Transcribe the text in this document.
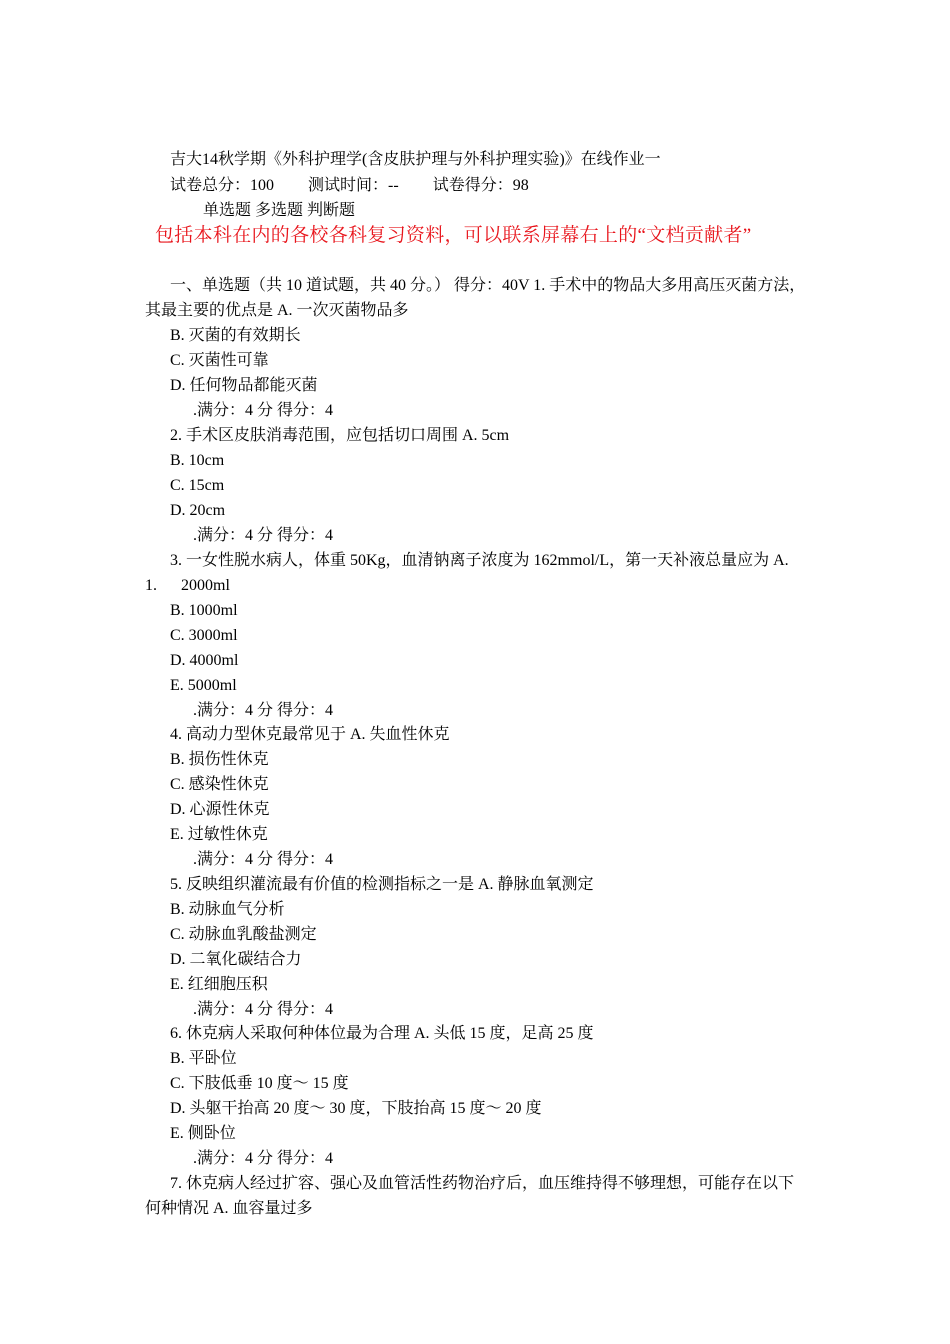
吉大14秋学期《外科护理学(含皮肤护理与外科护理实验)》在线作业一
试卷总分：100 测试时间：-- 试卷得分：98
单选题 多选题 判断题
包括本科在内的各校各科复习资料，可以联系屏幕右上的“文档贡献者”
一、单选题（共 10 道试题，共 40 分。） 得分：40V 1. 手术中的物品大多用高压灭菌方法，
其最主要的优点是 A. 一次灭菌物品多
B. 灭菌的有效期长
C. 灭菌性可靠
D. 任何物品都能灭菌
.满分：4 分 得分：4
2. 手术区皮肤消毒范围，应包括切口周围 A. 5cm
B. 10cm
C. 15cm
D. 20cm
.满分：4 分 得分：4
3. 一女性脱水病人，体重 50Kg，血清钠离子浓度为 162mmol/L，第一天补液总量应为 A.
1. 2000ml
B. 1000ml
C. 3000ml
D. 4000ml
E. 5000ml
.满分：4 分 得分：4
4. 高动力型休克最常见于 A. 失血性休克
B. 损伤性休克
C. 感染性休克
D. 心源性休克
E. 过敏性休克
.满分：4 分 得分：4
5. 反映组织灌流最有价值的检测指标之一是 A. 静脉血氧测定
B. 动脉血气分析
C. 动脉血乳酸盐测定
D. 二氧化碳结合力
E. 红细胞压积
.满分：4 分 得分：4
6. 休克病人采取何种体位最为合理 A. 头低 15 度，足高 25 度
B. 平卧位
C. 下肢低垂 10 度～ 15 度
D. 头躯干抬高 20 度～ 30 度，下肢抬高 15 度～ 20 度
E. 侧卧位
.满分：4 分 得分：4
7. 休克病人经过扩容、强心及血管活性药物治疗后，血压维持得不够理想，可能存在以下
何种情况 A. 血容量过多
